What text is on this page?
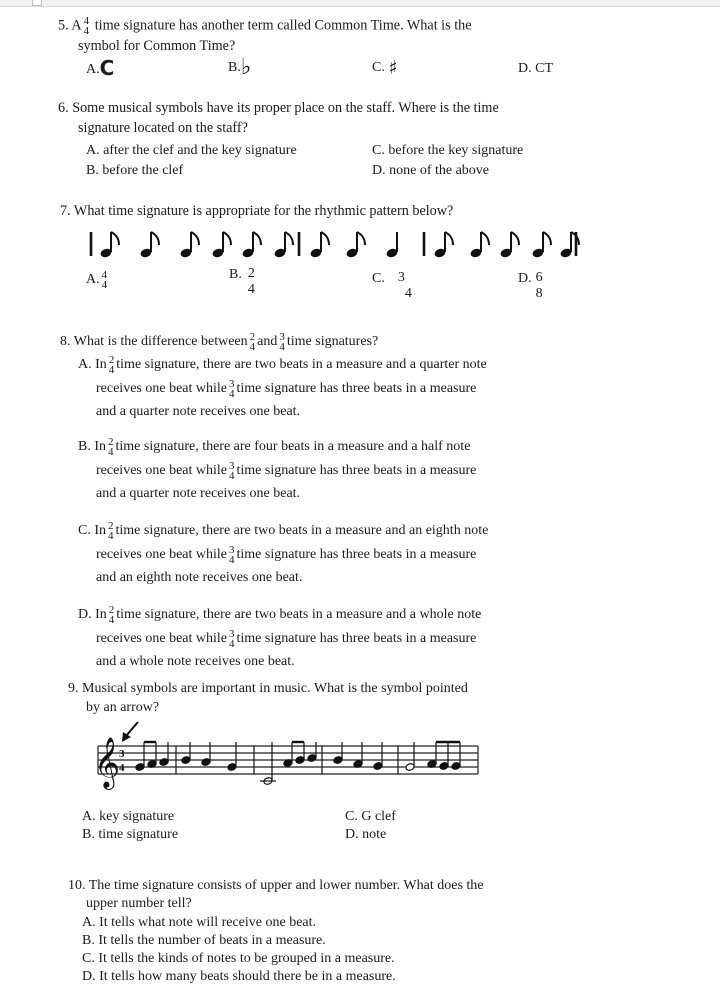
5. A 4
4 time signature has another term called Common Time. What is the
symbol for Common Time?
A.C	B.♭	C. ♯	D. CT
6. Some musical symbols have its proper place on the staff. Where is the time
signature located on the staff?
A. after the clef and the key signature	C. before the key signature
B. before the clef	D. none of the above
7. What time signature is appropriate for the rhythmic pattern below?
A. 4
4
B. 2
4
C. 3
4
D. 6
8
8. What is the difference between 2
4 and 3
4 time signatures?
A. In 2
4 time signature, there are two beats in a measure and a quarter note
receives one beat while 3
4 time signature has three beats in a measure
and a quarter note receives one beat.
B. In 2
4 time signature, there are four beats in a measure and a half note
receives one beat while 3
4 time signature has three beats in a measure
and a quarter note receives one beat.
C. In 2
4 time signature, there are two beats in a measure and an eighth note
receives one beat while 3
4 time signature has three beats in a measure
and an eighth note receives one beat.
D. In 2
4 time signature, there are two beats in a measure and a whole note
receives one beat while 3
4 time signature has three beats in a measure
and a whole note receives one beat.
9. Musical symbols are important in music. What is the symbol pointed
by an arrow?
𝄞
3
4
A. key signature	C. G clef
B. time signature	D. note
10. The time signature consists of upper and lower number. What does the
upper number tell?
A. It tells what note will receive one beat.
B. It tells the number of beats in a measure.
C. It tells the kinds of notes to be grouped in a measure.
D. It tells how many beats should there be in a measure.
